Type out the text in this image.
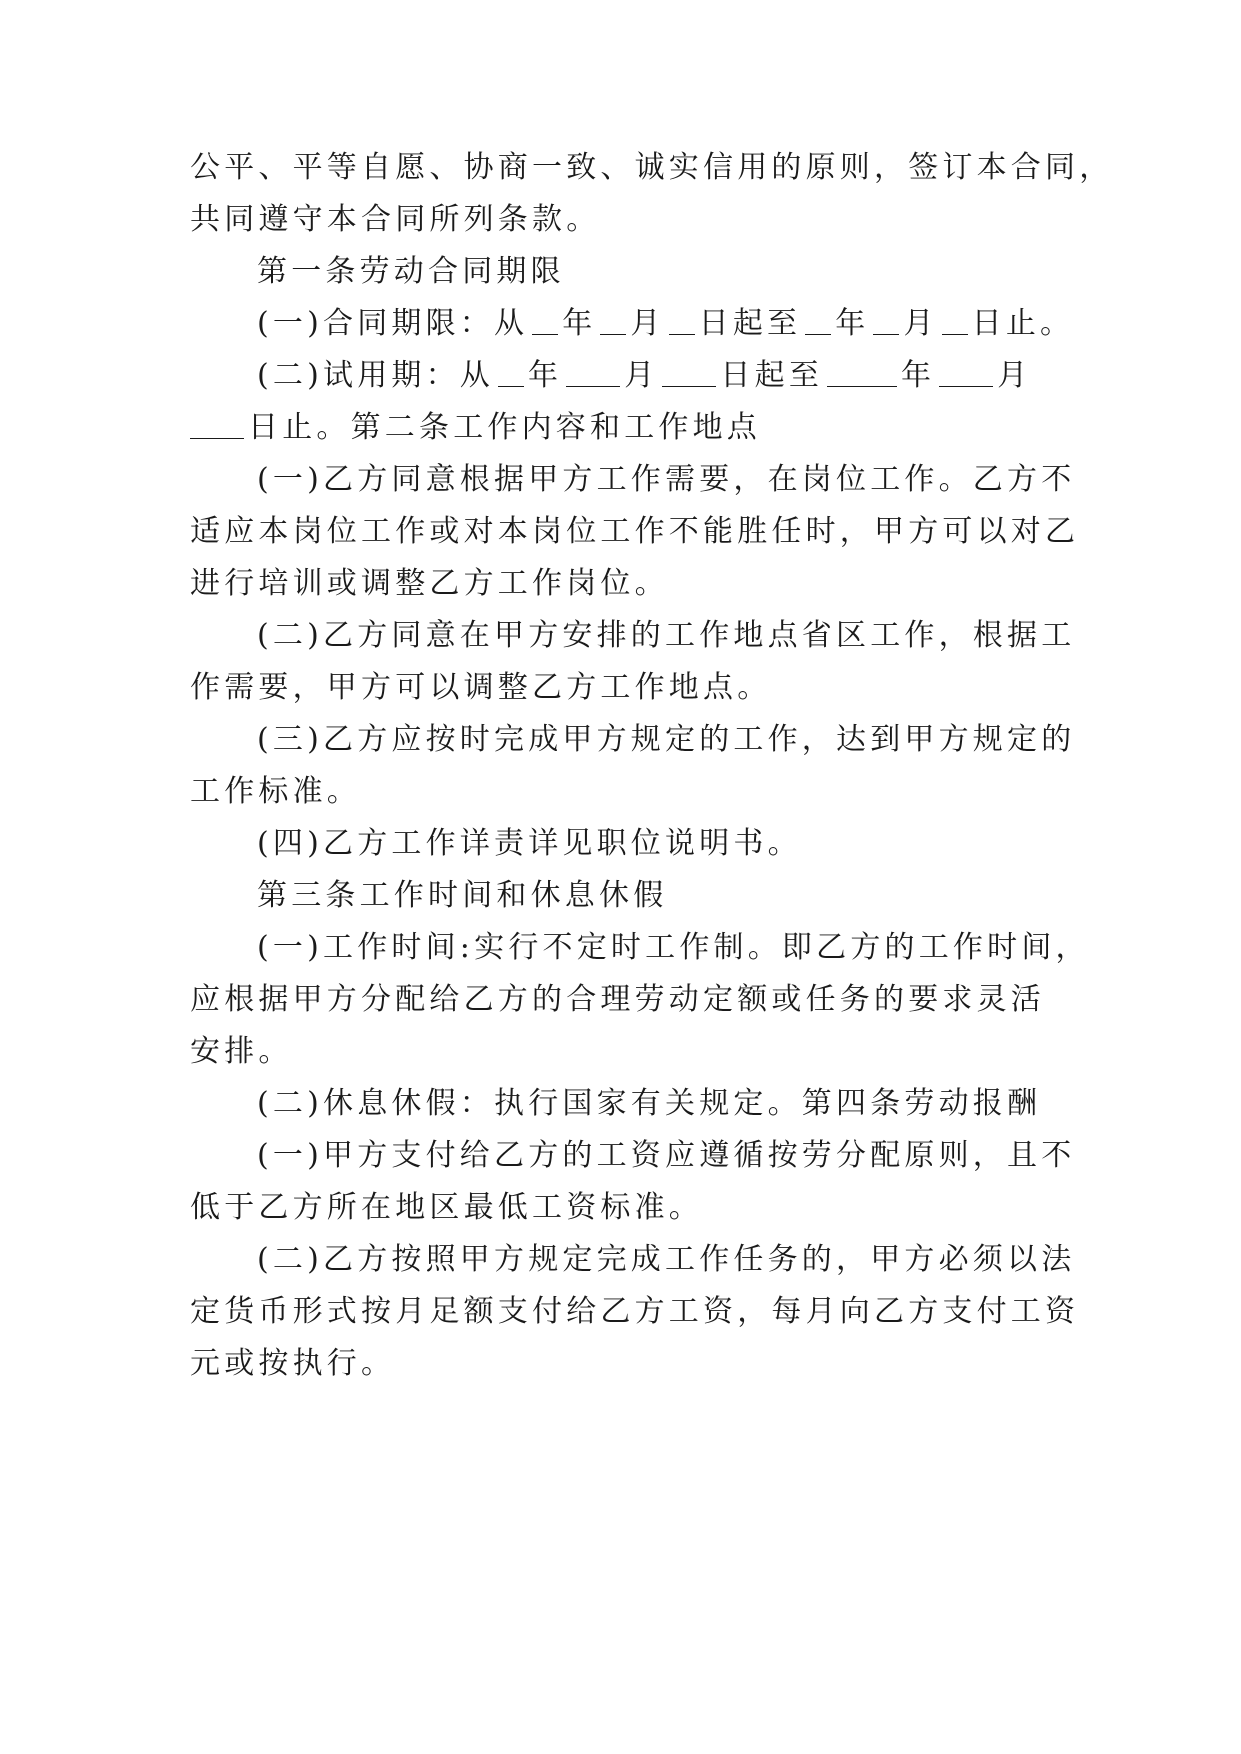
公平、平等自愿、协商一致、诚实信用的原则，签订本合同，
共同遵守本合同所列条款。
第一条劳动合同期限
(一)合同期限：从 年 月 日起至 年 月 日止。
(二)试用期：从 年 月 日起至	年 月
日止。第二条工作内容和工作地点
(一)乙方同意根据甲方工作需要，在岗位工作。乙方不
适应本岗位工作或对本岗位工作不能胜任时，甲方可以对乙
进行培训或调整乙方工作岗位。
(二)乙方同意在甲方安排的工作地点省区工作，根据工
作需要，甲方可以调整乙方工作地点。
(三)乙方应按时完成甲方规定的工作，达到甲方规定的
工作标准。
(四)乙方工作详责详见职位说明书。
第三条工作时间和休息休假
(一)工作时间:实行不定时工作制。即乙方的工作时间，
应根据甲方分配给乙方的合理劳动定额或任务的要求灵活
安排。
(二)休息休假：执行国家有关规定。第四条劳动报酬
(一)甲方支付给乙方的工资应遵循按劳分配原则，且不
低于乙方所在地区最低工资标准。
(二)乙方按照甲方规定完成工作任务的，甲方必须以法
定货币形式按月足额支付给乙方工资，每月向乙方支付工资
元或按执行。
